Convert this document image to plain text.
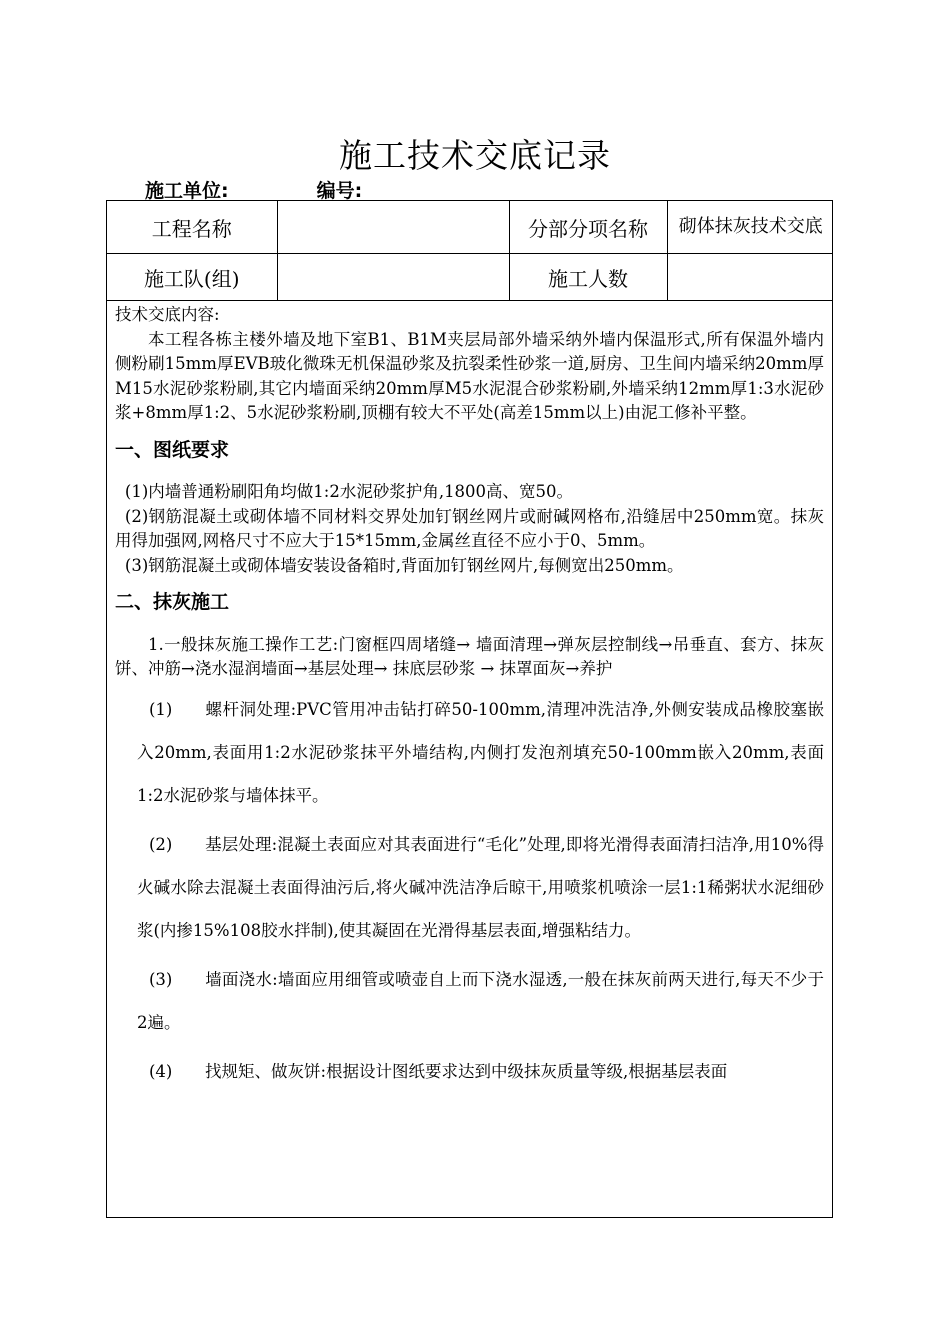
施工技术交底记录
施工单位:	编号:
工程名称		分部分项名称	砌体抹灰技术交底
施工队(组)		施工人数	

技术交底内容:

本工程各栋主楼外墙及地下室B1、B1M夹层局部外墙采纳外墙内保温形式,所有保温外墙内侧粉刷15mm厚EVB玻化微珠无机保温砂浆及抗裂柔性砂浆一道,厨房、卫生间内墙采纳20mm厚M15水泥砂浆粉刷,其它内墙面采纳20mm厚M5水泥混合砂浆粉刷,外墙采纳12mm厚1:3水泥砂浆+8mm厚1:2、5水泥砂浆粉刷,顶棚有较大不平处(高差15mm以上)由泥工修补平整。

一、图纸要求

(1)内墙普通粉刷阳角均做1:2水泥砂浆护角,1800高、宽50。

(2)钢筋混凝土或砌体墙不同材料交界处加钉钢丝网片或耐碱网格布,沿缝居中250mm宽。抹灰用得加强网,网格尺寸不应大于15*15mm,金属丝直径不应小于0、5mm。

(3)钢筋混凝土或砌体墙安装设备箱时,背面加钉钢丝网片,每侧宽出250mm。

二、抹灰施工

1.一般抹灰施工操作工艺:门窗框四周堵缝→ 墙面清理→弹灰层控制线→吊垂直、套方、抹灰饼、冲筋→浇水湿润墙面→基层处理→ 抹底层砂浆 → 抹罩面灰→养护

(1) 螺杆洞处理:PVC管用冲击钻打碎50-100mm,清理冲洗洁净,外侧安装成品橡胶塞嵌入20mm,表面用1:2水泥砂浆抹平外墙结构,内侧打发泡剂填充50-100mm嵌入20mm,表面1:2水泥砂浆与墙体抹平。

(2) 基层处理:混凝土表面应对其表面进行“毛化”处理,即将光滑得表面清扫洁净,用10%得火碱水除去混凝土表面得油污后,将火碱冲洗洁净后晾干,用喷浆机喷涂一层1:1稀粥状水泥细砂浆(内掺15%108胶水拌制),使其凝固在光滑得基层表面,增强粘结力。

(3) 墙面浇水:墙面应用细管或喷壶自上而下浇水湿透,一般在抹灰前两天进行,每天不少于2遍。

(4) 找规矩、做灰饼:根据设计图纸要求达到中级抹灰质量等级,根据基层表面
